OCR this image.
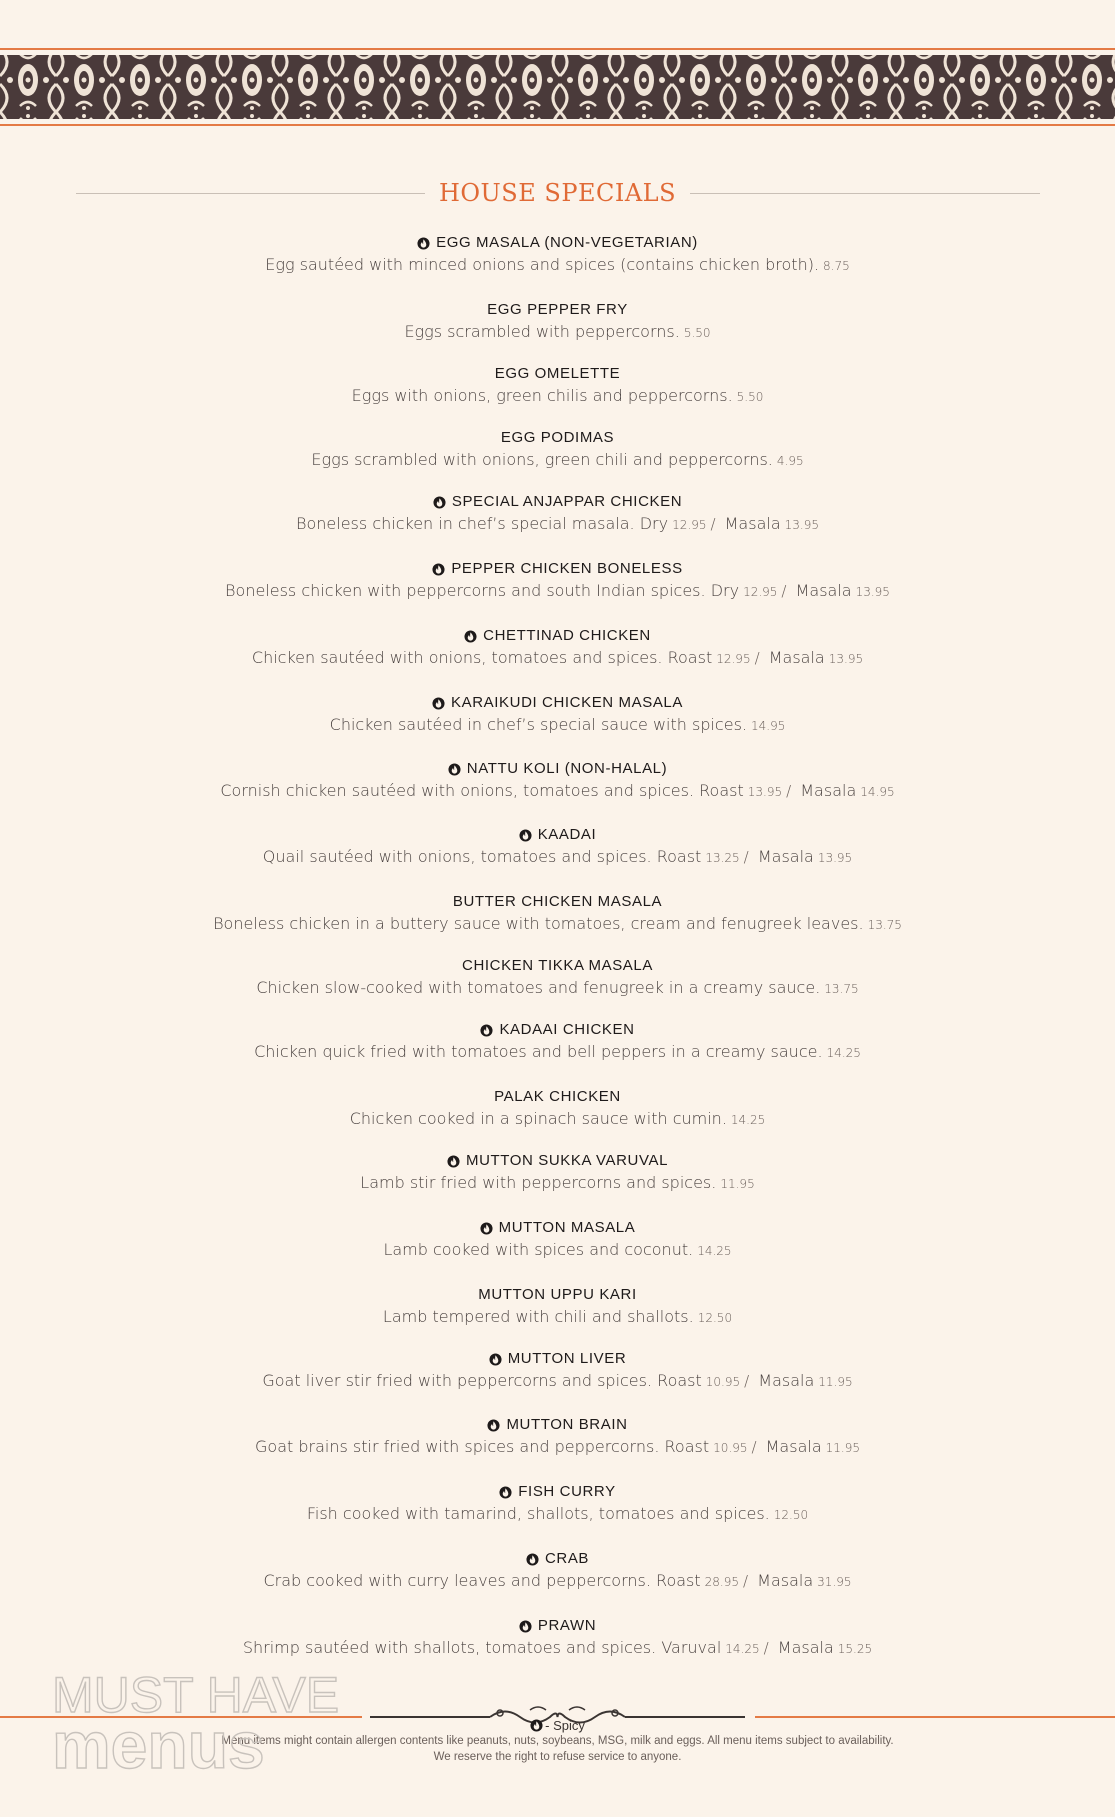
HOUSE SPECIALS
EGG MASALA (NON-VEGETARIAN)
Egg sautéed with minced onions and spices (contains chicken broth). 8.75
EGG PEPPER FRY
Eggs scrambled with peppercorns. 5.50
EGG OMELETTE
Eggs with onions, green chilis and peppercorns. 5.50
EGG PODIMAS
Eggs scrambled with onions, green chili and peppercorns. 4.95
SPECIAL ANJAPPAR CHICKEN
Boneless chicken in chef’s special masala. Dry 12.95 / Masala 13.95
PEPPER CHICKEN BONELESS
Boneless chicken with peppercorns and south Indian spices. Dry 12.95 / Masala 13.95
CHETTINAD CHICKEN
Chicken sautéed with onions, tomatoes and spices. Roast 12.95 / Masala 13.95
KARAIKUDI CHICKEN MASALA
Chicken sautéed in chef’s special sauce with spices. 14.95
NATTU KOLI (NON-HALAL)
Cornish chicken sautéed with onions, tomatoes and spices. Roast 13.95 / Masala 14.95
KAADAI
Quail sautéed with onions, tomatoes and spices. Roast 13.25 / Masala 13.95
BUTTER CHICKEN MASALA
Boneless chicken in a buttery sauce with tomatoes, cream and fenugreek leaves. 13.75
CHICKEN TIKKA MASALA
Chicken slow-cooked with tomatoes and fenugreek in a creamy sauce. 13.75
KADAAI CHICKEN
Chicken quick fried with tomatoes and bell peppers in a creamy sauce. 14.25
PALAK CHICKEN
Chicken cooked in a spinach sauce with cumin. 14.25
MUTTON SUKKA VARUVAL
Lamb stir fried with peppercorns and spices. 11.95
MUTTON MASALA
Lamb cooked with spices and coconut. 14.25
MUTTON UPPU KARI
Lamb tempered with chili and shallots. 12.50
MUTTON LIVER
Goat liver stir fried with peppercorns and spices. Roast 10.95 / Masala 11.95
MUTTON BRAIN
Goat brains stir fried with spices and peppercorns. Roast 10.95 / Masala 11.95
FISH CURRY
Fish cooked with tamarind, shallots, tomatoes and spices. 12.50
CRAB
Crab cooked with curry leaves and peppercorns. Roast 28.95 / Masala 31.95
PRAWN
Shrimp sautéed with shallots, tomatoes and spices. Varuval 14.25 / Masala 15.25
- Spicy
Menu items might contain allergen contents like peanuts, nuts, soybeans, MSG, milk and eggs. All menu items subject to availability.
We reserve the right to refuse service to anyone.
MUST HAVE
menus
